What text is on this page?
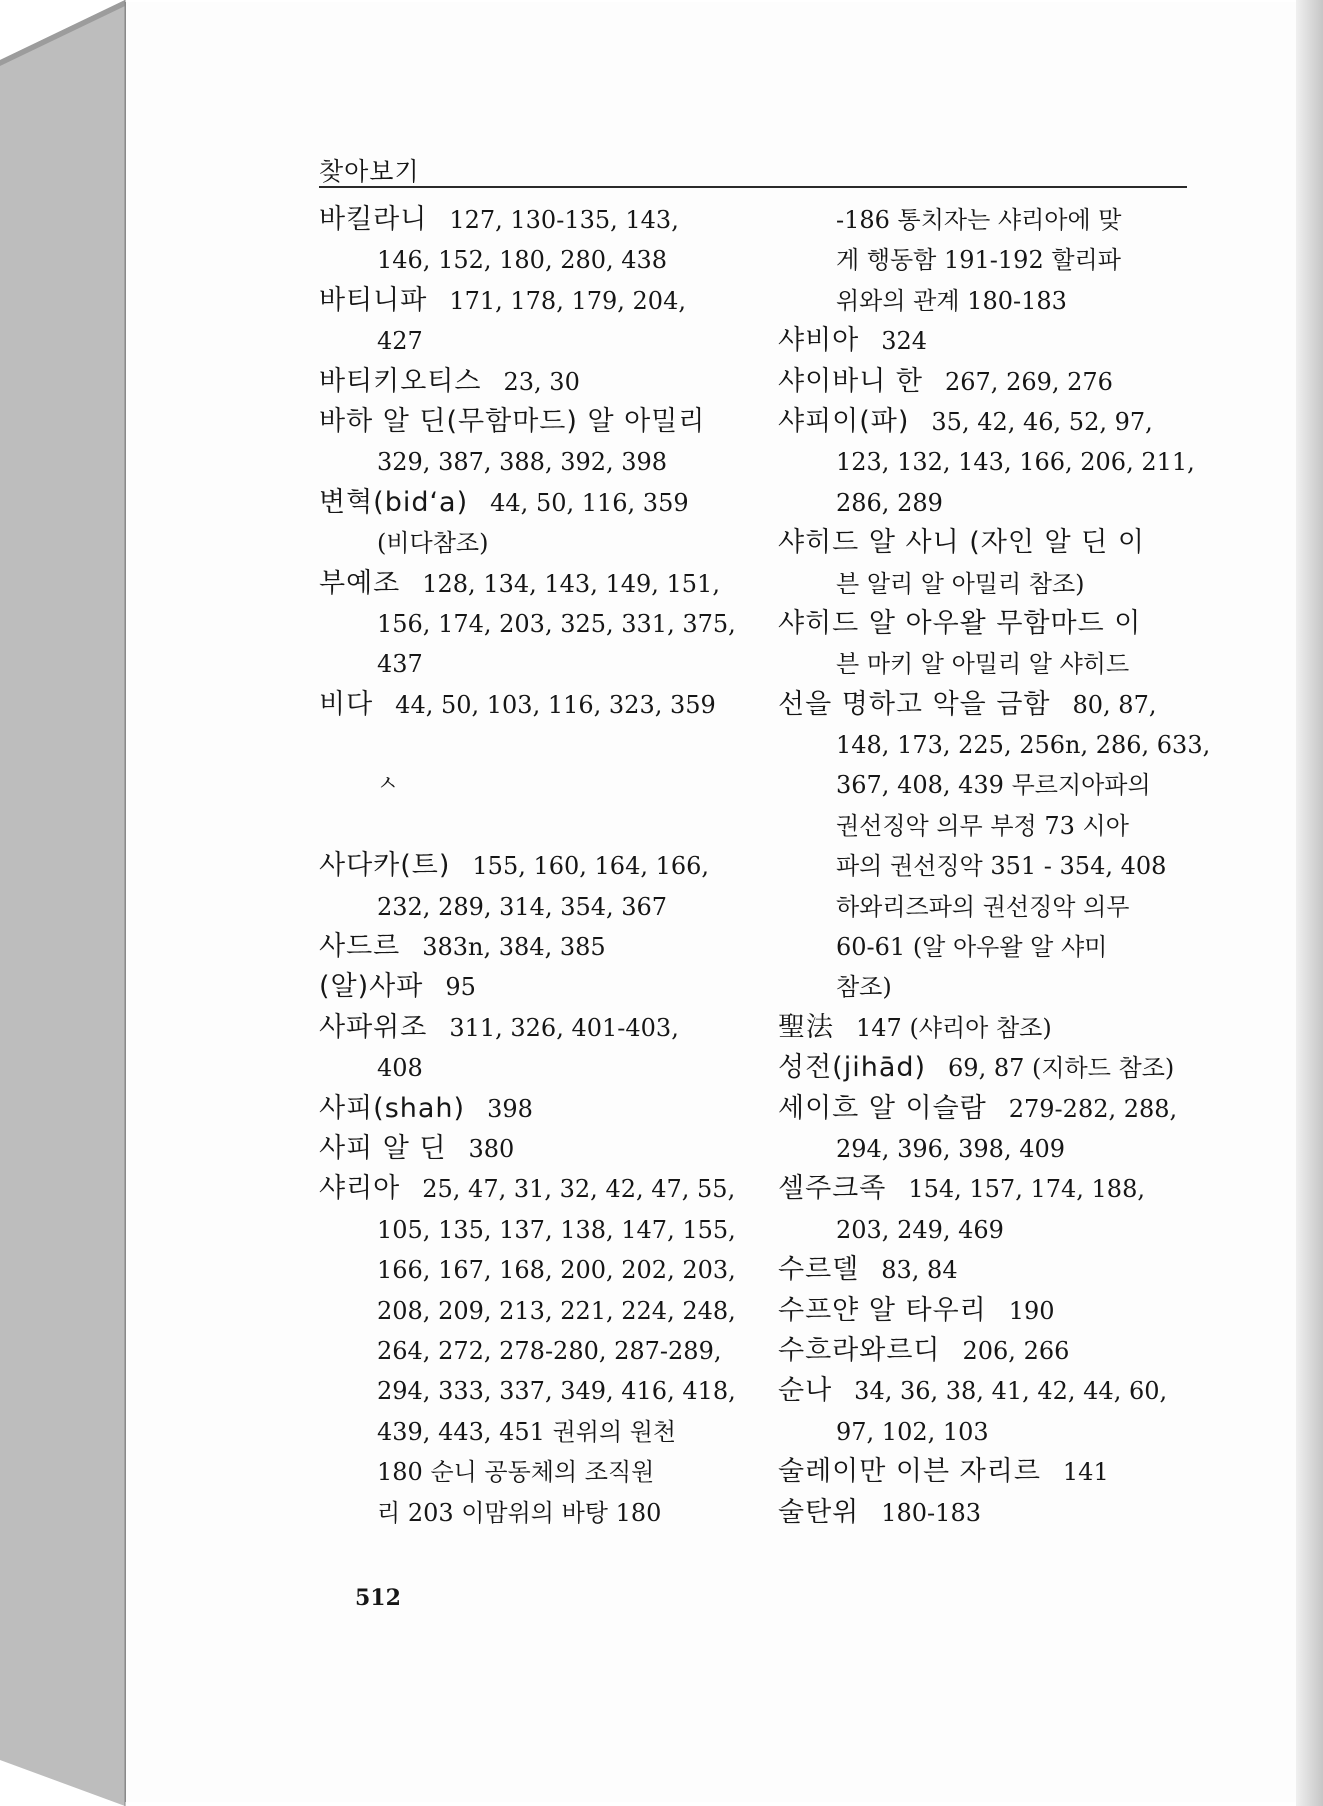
찾아보기
바킬라니 127, 130-135, 143,
146, 152, 180, 280, 438
바티니파 171, 178, 179, 204,
427
바티키오티스 23, 30
바하 알 딘(무함마드) 알 아밀리
329, 387, 388, 392, 398
변혁(bid‘a) 44, 50, 116, 359
(비다참조)
부예조 128, 134, 143, 149, 151,
156, 174, 203, 325, 331, 375,
437
비다 44, 50, 103, 116, 323, 359
ㅅ
사다카(트) 155, 160, 164, 166,
232, 289, 314, 354, 367
사드르 383n, 384, 385
(알)사파 95
사파위조 311, 326, 401-403,
408
사피(shah) 398
사피 알 딘 380
샤리아 25, 47, 31, 32, 42, 47, 55,
105, 135, 137, 138, 147, 155,
166, 167, 168, 200, 202, 203,
208, 209, 213, 221, 224, 248,
264, 272, 278-280, 287-289,
294, 333, 337, 349, 416, 418,
439, 443, 451 권위의 원천
180 순니 공동체의 조직원
리 203 이맘위의 바탕 180
-186 통치자는 샤리아에 맞
게 행동함 191-192 할리파
위와의 관계 180-183
샤비아 324
샤이바니 한 267, 269, 276
샤피이(파) 35, 42, 46, 52, 97,
123, 132, 143, 166, 206, 211,
286, 289
샤히드 알 사니 (자인 알 딘 이
븐 알리 알 아밀리 참조)
샤히드 알 아우왈 무함마드 이
븐 마키 알 아밀리 알 샤히드
선을 명하고 악을 금함 80, 87,
148, 173, 225, 256n, 286, 633,
367, 408, 439 무르지아파의
권선징악 의무 부정 73 시아
파의 권선징악 351 - 354, 408
하와리즈파의 권선징악 의무
60-61 (알 아우왈 알 샤미
참조)
聖法 147 (샤리아 참조)
성전(jihād) 69, 87 (지하드 참조)
세이흐 알 이슬람 279-282, 288,
294, 396, 398, 409
셀주크족 154, 157, 174, 188,
203, 249, 469
수르델 83, 84
수프얀 알 타우리 190
수흐라와르디 206, 266
순나 34, 36, 38, 41, 42, 44, 60,
97, 102, 103
술레이만 이븐 자리르 141
술탄위 180-183
512
